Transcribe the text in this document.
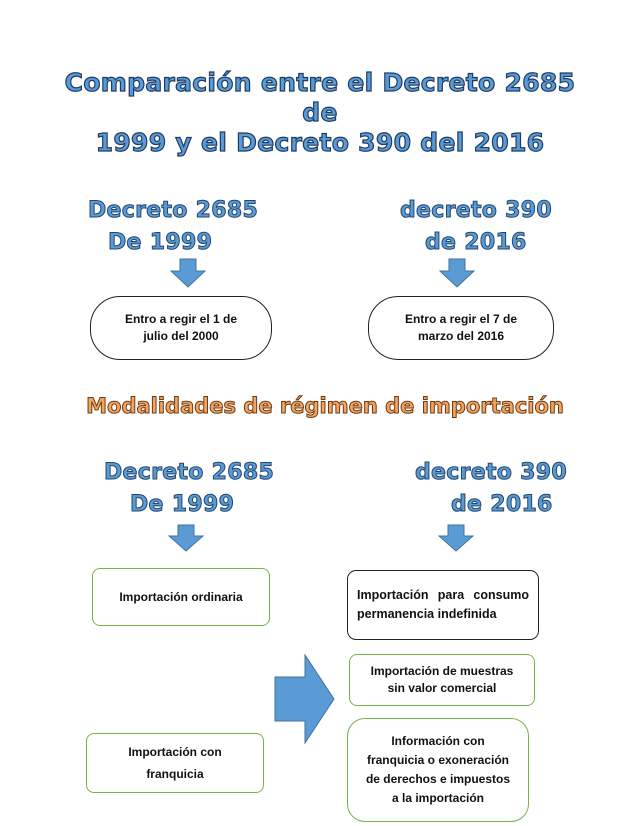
Comparación entre el Decreto 2685 de
1999 y el Decreto 390 del 2016
Decreto 2685
De 1999
decreto 390
de 2016
Entro a regir el 1 de julio del 2000
Entro a regir el 7 de marzo del 2016
Modalidades de régimen de importación
Decreto 2685
De 1999
decreto 390
de 2016
Importación ordinaria
Importación con franquicia
Importación para consumo permanencia indefinida
Importación de muestras sin valor comercial
Información con franquicia o exoneración de derechos e impuestos a la importación
